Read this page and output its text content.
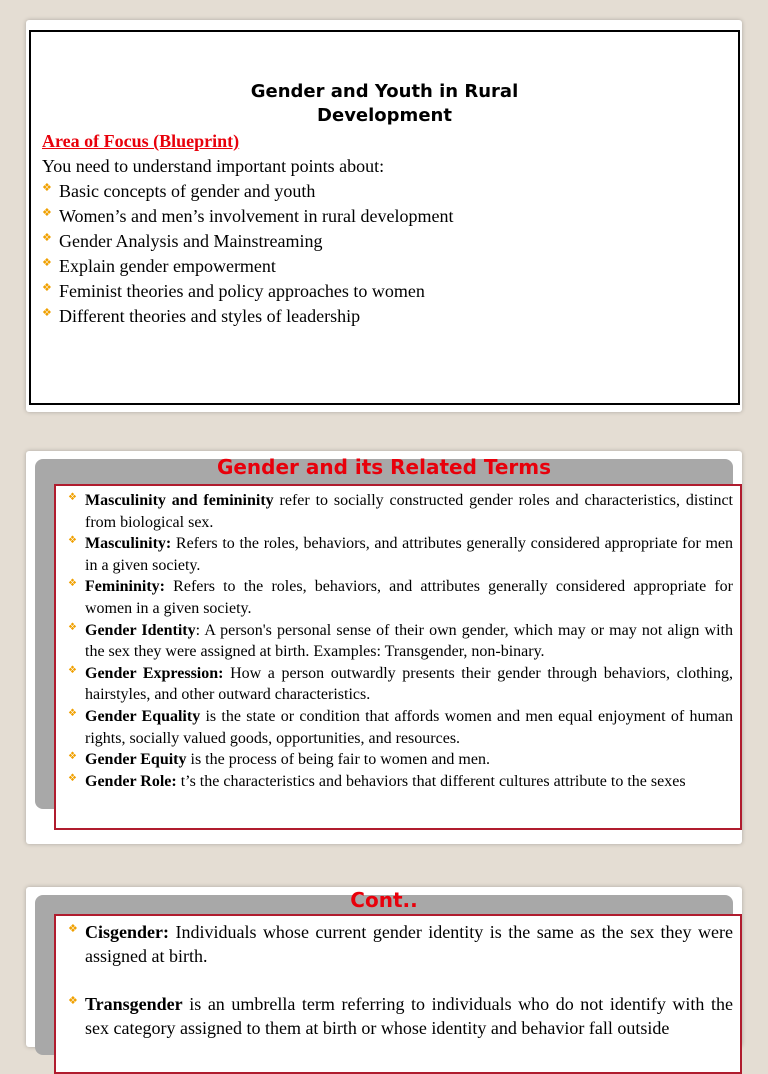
Gender and Youth in Rural
Development
Area of Focus (Blueprint)
You need to understand important points about:
❖ Basic concepts of gender and youth
❖ Women’s and men’s involvement in rural development
❖ Gender Analysis and Mainstreaming
❖ Explain gender empowerment
❖ Feminist theories and policy approaches to women
❖ Different theories and styles of leadership
Gender and its Related Terms
❖ Masculinity and femininity refer to socially constructed gender roles and characteristics, distinct from biological sex.
❖ Masculinity: Refers to the roles, behaviors, and attributes generally considered appropriate for men in a given society.
❖ Femininity: Refers to the roles, behaviors, and attributes generally considered appropriate for women in a given society.
❖ Gender Identity: A person's personal sense of their own gender, which may or may not align with the sex they were assigned at birth. Examples: Transgender, non-binary.
❖ Gender Expression: How a person outwardly presents their gender through behaviors, clothing, hairstyles, and other outward characteristics.
❖ Gender Equality is the state or condition that affords women and men equal enjoyment of human rights, socially valued goods, opportunities, and resources.
❖ Gender Equity is the process of being fair to women and men.
❖ Gender Role: t’s the characteristics and behaviors that different cultures attribute to the sexes
Cont..
❖ Cisgender: Individuals whose current gender identity is the same as the sex they were assigned at birth.
❖ Transgender is an umbrella term referring to individuals who do not identify with the sex category assigned to them at birth or whose identity and behavior fall outside
